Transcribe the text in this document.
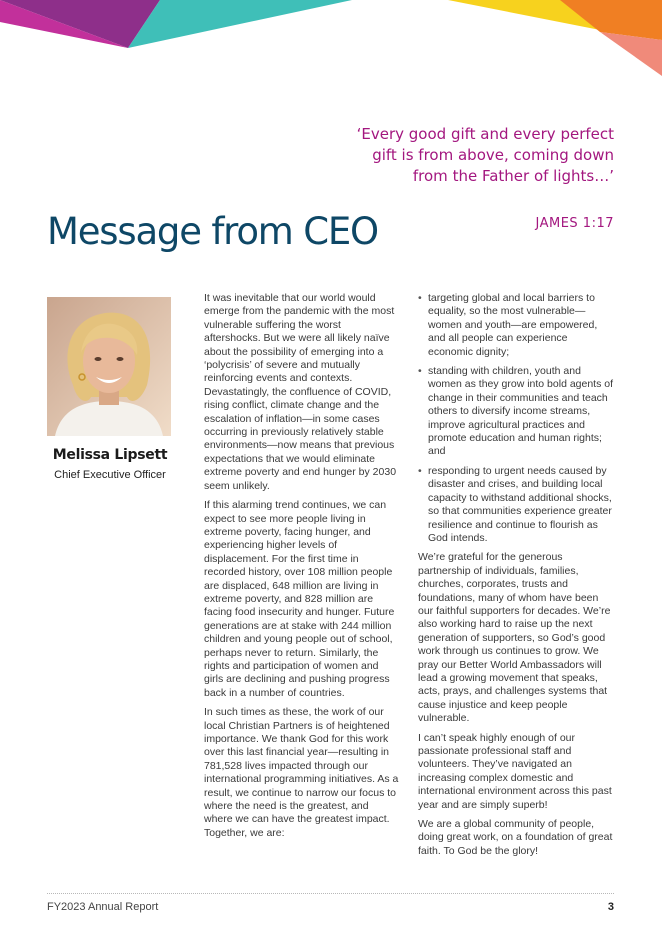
‘Every good gift and every perfect gift is from above, coming down from the Father of lights…’
JAMES 1:17
Message from CEO
Melissa Lipsett
Chief Executive Officer

It was inevitable that our world would emerge from the pandemic with the most vulnerable suffering the worst aftershocks. But we were all likely naïve about the possibility of emerging into a ‘polycrisis’ of severe and mutually reinforcing events and contexts. Devastatingly, the confluence of COVID, rising conflict, climate change and the escalation of inflation—in some cases occurring in previously relatively stable environments—now means that previous expectations that we would eliminate extreme poverty and end hunger by 2030 seem unlikely.

If this alarming trend continues, we can expect to see more people living in extreme poverty, facing hunger, and experiencing higher levels of displacement. For the first time in recorded history, over 108 million people are displaced, 648 million are living in extreme poverty, and 828 million are facing food insecurity and hunger. Future generations are at stake with 244 million children and young people out of school, perhaps never to return. Similarly, the rights and participation of women and girls are declining and pushing progress back in a number of countries.

In such times as these, the work of our local Christian Partners is of heightened importance. We thank God for this work over this last financial year—resulting in 781,528 lives impacted through our international programming initiatives. As a result, we continue to narrow our focus to where the need is the greatest, and where we can have the greatest impact. Together, we are:

• targeting global and local barriers to equality, so the most vulnerable—women and youth—are empowered, and all people can experience economic dignity;
• standing with children, youth and women as they grow into bold agents of change in their communities and teach others to diversify income streams, improve agricultural practices and promote education and human rights; and
• responding to urgent needs caused by disaster and crises, and building local capacity to withstand additional shocks, so that communities experience greater resilience and continue to flourish as God intends.

We’re grateful for the generous partnership of individuals, families, churches, corporates, trusts and foundations, many of whom have been our faithful supporters for decades. We’re also working hard to raise up the next generation of supporters, so God’s good work through us continues to grow. We pray our Better World Ambassadors will lead a growing movement that speaks, acts, prays, and challenges systems that cause injustice and keep people vulnerable.

I can’t speak highly enough of our passionate professional staff and volunteers. They’ve navigated an increasing complex domestic and international environment across this past year and are simply superb!

We are a global community of people, doing great work, on a foundation of great faith. To God be the glory!

FY2023 Annual Report	3
